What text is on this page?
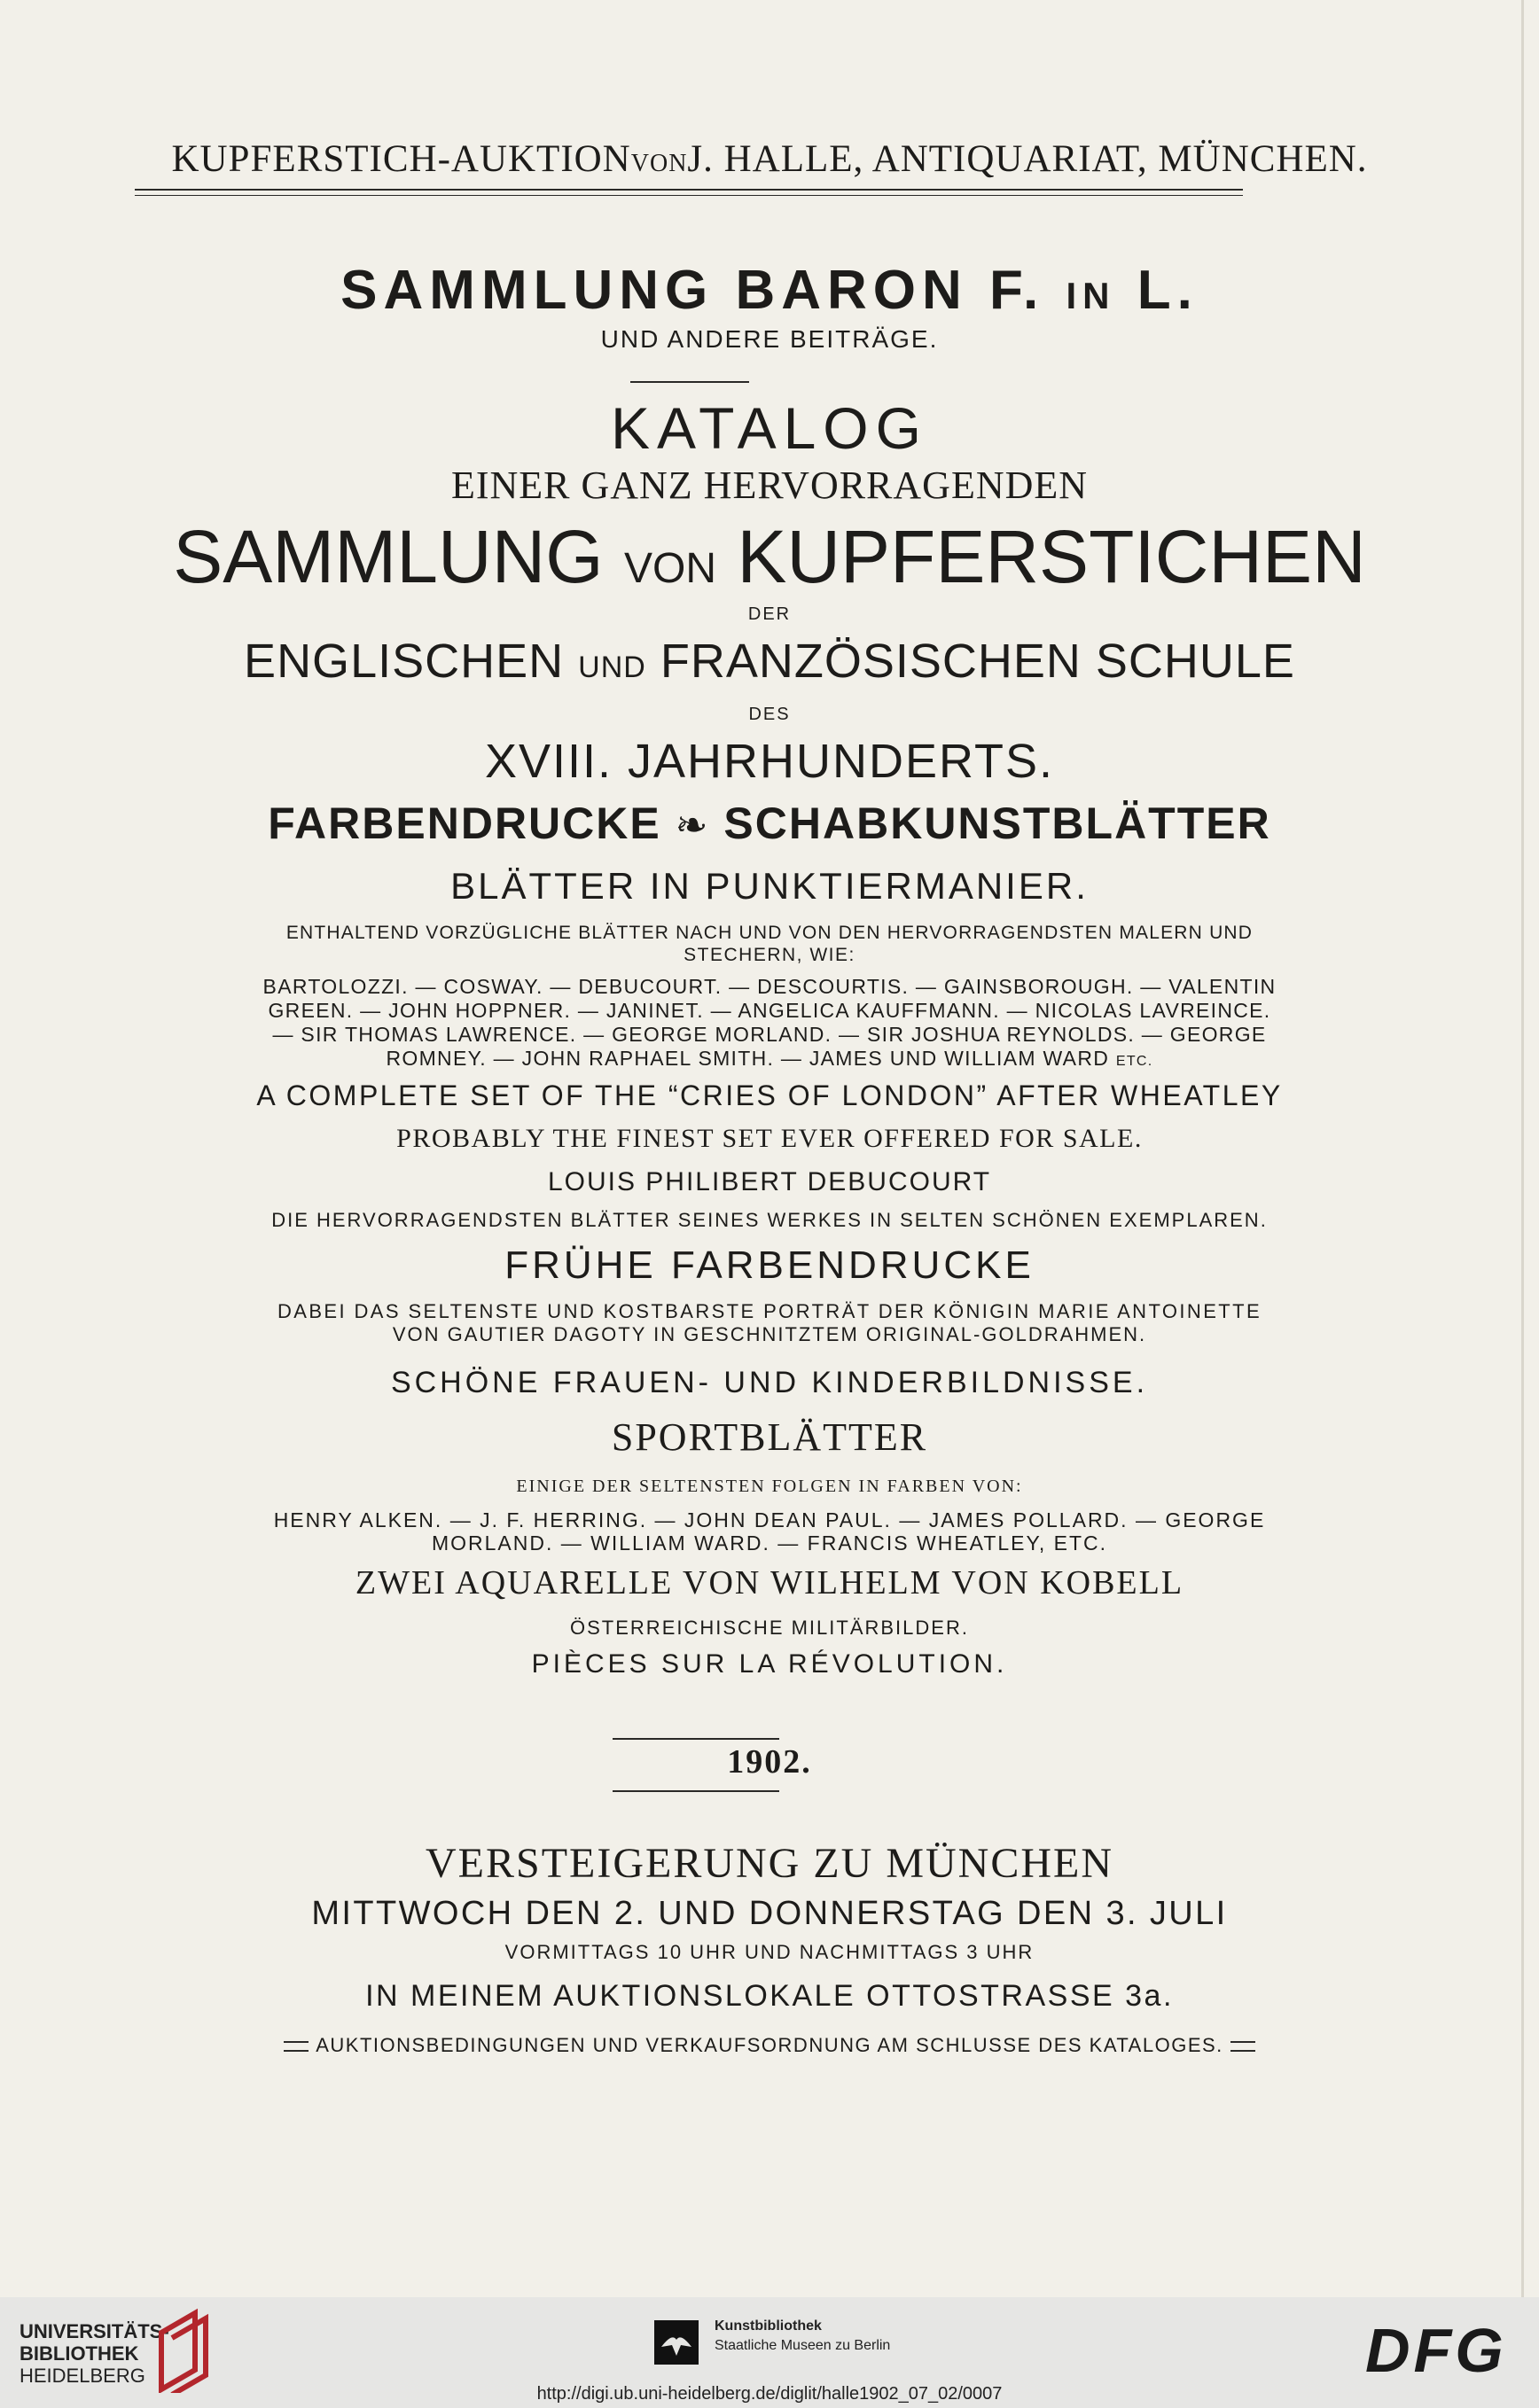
KUPFERSTICH-AUKTIONVONJ. HALLE, ANTIQUARIAT, MÜNCHEN.
SAMMLUNG BARON F. IN L.
UND ANDERE BEITRÄGE.
KATALOG
EINER GANZ HERVORRAGENDEN
SAMMLUNG VON KUPFERSTICHEN
DER
ENGLISCHEN UND FRANZÖSISCHEN SCHULE
DES
XVIII. JAHRHUNDERTS.
FARBENDRUCKE ❧ SCHABKUNSTBLÄTTER
BLÄTTER IN PUNKTIERMANIER.
ENTHALTEND VORZÜGLICHE BLÄTTER NACH UND VON DEN HERVORRAGENDSTEN MALERN UND
STECHERN, WIE:
BARTOLOZZI. — COSWAY. — DEBUCOURT. — DESCOURTIS. — GAINSBOROUGH. — VALENTIN
GREEN. — JOHN HOPPNER. — JANINET. — ANGELICA KAUFFMANN. — NICOLAS LAVREINCE.
— SIR THOMAS LAWRENCE. — GEORGE MORLAND. — SIR JOSHUA REYNOLDS. — GEORGE
ROMNEY. — JOHN RAPHAEL SMITH. — JAMES UND WILLIAM WARD ETC.
A COMPLETE SET OF THE “CRIES OF LONDON” AFTER WHEATLEY
PROBABLY THE FINEST SET EVER OFFERED FOR SALE.
LOUIS PHILIBERT DEBUCOURT
DIE HERVORRAGENDSTEN BLÄTTER SEINES WERKES IN SELTEN SCHÖNEN EXEMPLAREN.
FRÜHE FARBENDRUCKE
DABEI DAS SELTENSTE UND KOSTBARSTE PORTRÄT DER KÖNIGIN MARIE ANTOINETTE
VON GAUTIER DAGOTY IN GESCHNITZTEM ORIGINAL-GOLDRAHMEN.
SCHÖNE FRAUEN- UND KINDERBILDNISSE.
SPORTBLÄTTER
EINIGE DER SELTENSTEN FOLGEN IN FARBEN VON:
HENRY ALKEN. — J. F. HERRING. — JOHN DEAN PAUL. — JAMES POLLARD. — GEORGE
MORLAND. — WILLIAM WARD. — FRANCIS WHEATLEY, ETC.
ZWEI AQUARELLE VON WILHELM VON KOBELL
ÖSTERREICHISCHE MILITÄRBILDER.
PIÈCES SUR LA RÉVOLUTION.
1902.
VERSTEIGERUNG ZU MÜNCHEN
MITTWOCH DEN 2. UND DONNERSTAG DEN 3. JULI
VORMITTAGS 10 UHR UND NACHMITTAGS 3 UHR
IN MEINEM AUKTIONSLOKALE OTTOSTRASSE 3a.
AUKTIONSBEDINGUNGEN UND VERKAUFSORDNUNG AM SCHLUSSE DES KATALOGES.
UNIVERSITÄTS-
BIBLIOTHEK
HEIDELBERG
Kunstbibliothek
Staatliche Museen zu Berlin	DFG
http://digi.ub.uni-heidelberg.de/diglit/halle1902_07_02/0007
